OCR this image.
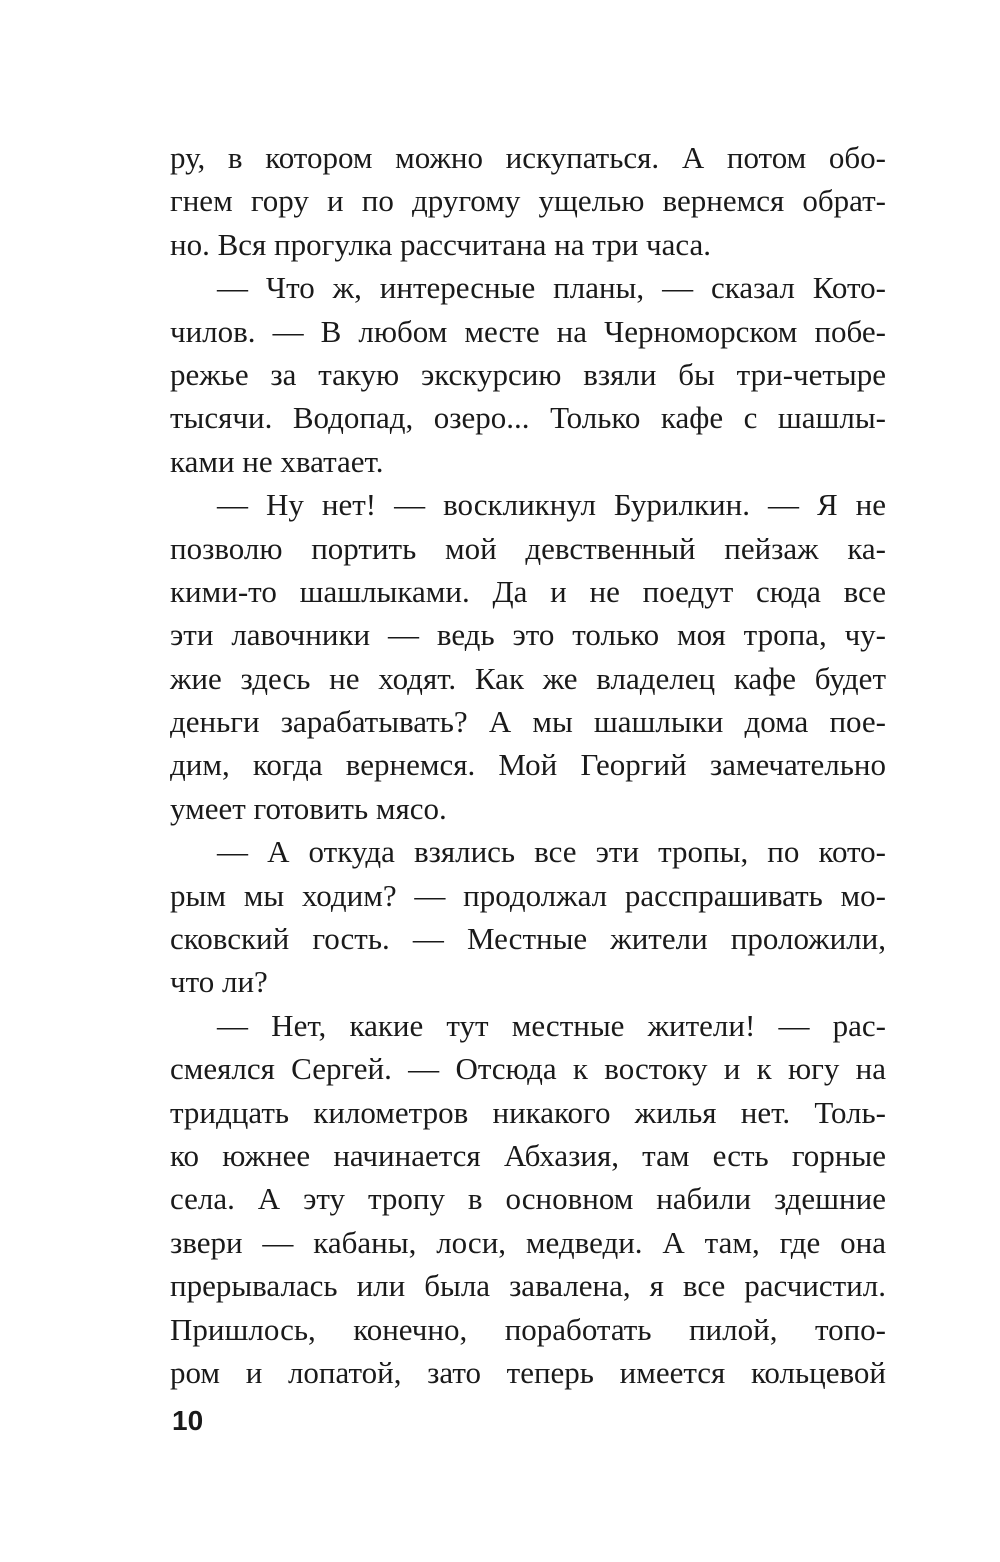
ру, в котором можно искупаться. А потом обо-
гнем гору и по другому ущелью вернемся обрат-
но. Вся прогулка рассчитана на три часа.
— Что ж, интересные планы, — сказал Кото-
чилов. — В любом месте на Черноморском побе-
режье за такую экскурсию взяли бы три-четыре
тысячи. Водопад, озеро... Только кафе с шашлы-
ками не хватает.
— Ну нет! — воскликнул Бурилкин. — Я не
позволю портить мой девственный пейзаж ка-
кими-то шашлыками. Да и не поедут сюда все
эти лавочники — ведь это только моя тропа, чу-
жие здесь не ходят. Как же владелец кафе будет
деньги зарабатывать? А мы шашлыки дома пое-
дим, когда вернемся. Мой Георгий замечательно
умеет готовить мясо.
— А откуда взялись все эти тропы, по кото-
рым мы ходим? — продолжал расспрашивать мо-
сковский гость. — Местные жители проложили,
что ли?
— Нет, какие тут местные жители! — рас-
смеялся Сергей. — Отсюда к востоку и к югу на
тридцать километров никакого жилья нет. Толь-
ко южнее начинается Абхазия, там есть горные
села. А эту тропу в основном набили здешние
звери — кабаны, лоси, медведи. А там, где она
прерывалась или была завалена, я все расчистил.
Пришлось, конечно, поработать пилой, топо-
ром и лопатой, зато теперь имеется кольцевой
10
